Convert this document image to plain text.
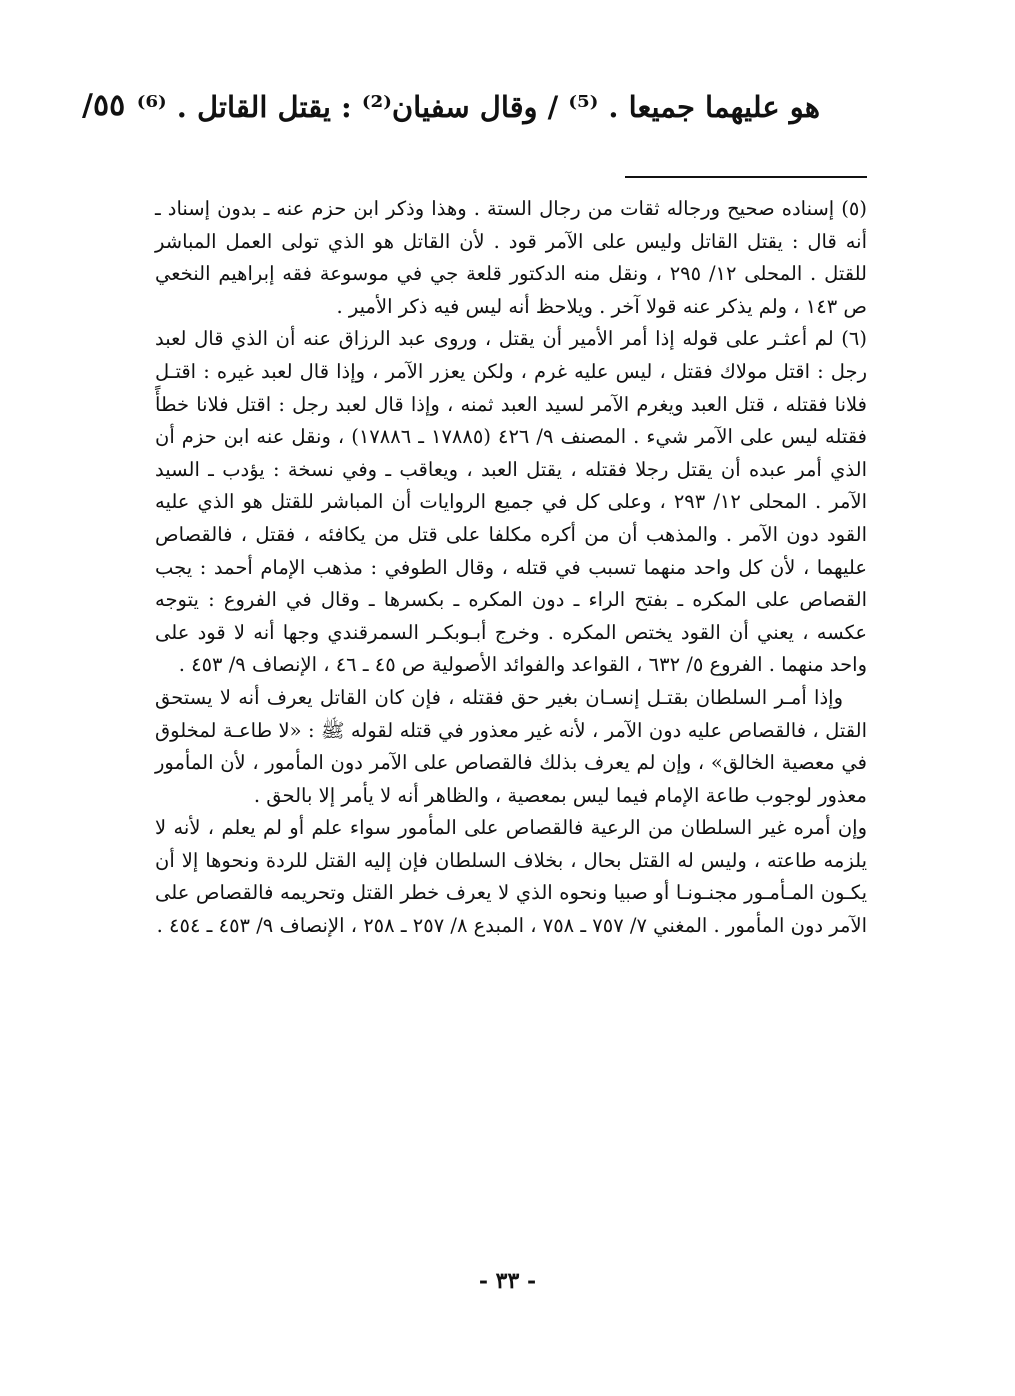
/٥٥ هو عليهما جميعا . ⁽⁵⁾ / وقال سفيان⁽²⁾ : يقتل القاتل . ⁽⁶⁾

(٥) إسناده صحيح ورجاله ثقات من رجال الستة . وهذا وذكر ابن حزم عنه ـ بدون إسناد ـ أنه قال : يقتل القاتل وليس على الآمر قود . لأن القاتل هو الذي تولى العمل المباشر للقتل . المحلى ١٢/ ٢٩٥ ، ونقل منه الدكتور قلعة جي في موسوعة فقه إبراهيم النخعي ص ١٤٣ ، ولم يذكر عنه قولا آخر . ويلاحظ أنه ليس فيه ذكر الأمير .

(٦) لم أعثـر على قوله إذا أمر الأمير أن يقتل ، وروى عبد الرزاق عنه أن الذي قال لعبد رجل : اقتل مولاك فقتل ، ليس عليه غرم ، ولكن يعزر الآمر ، وإذا قال لعبد غيره : اقتـل فلانا فقتله ، قتل العبد ويغرم الآمر لسيد العبد ثمنه ، وإذا قال لعبد رجل : اقتل فلانا خطأً فقتله ليس على الآمر شيء . المصنف ٩/ ٤٢٦ (١٧٨٨٥ ـ ١٧٨٨٦) ، ونقل عنه ابن حزم أن الذي أمر عبده أن يقتل رجلا فقتله ، يقتل العبد ، ويعاقب ـ وفي نسخة : يؤدب ـ السيد الآمر . المحلى ١٢/ ٢٩٣ ، وعلى كل في جميع الروايات أن المباشر للقتل هو الذي عليه القود دون الآمر . والمذهب أن من أكره مكلفا على قتل من يكافئه ، فقتل ، فالقصاص عليهما ، لأن كل واحد منهما تسبب في قتله ، وقال الطوفي : مذهب الإمام أحمد : يجب القصاص على المكره ـ بفتح الراء ـ دون المكره ـ بكسرها ـ وقال في الفروع : يتوجه عكسه ، يعني أن القود يختص المكره . وخرج أبـوبكـر السمرقندي وجها أنه لا قود على واحد منهما . الفروع ٥/ ٦٣٢ ، القواعد والفوائد الأصولية ص ٤٥ ـ ٤٦ ، الإنصاف ٩/ ٤٥٣ .

وإذا أمـر السلطان بقتـل إنسـان بغير حق فقتله ، فإن كان القاتل يعرف أنه لا يستحق القتل ، فالقصاص عليه دون الآمر ، لأنه غير معذور في قتله لقوله ﷺ : «لا طاعـة لمخلوق في معصية الخالق» ، وإن لم يعرف بذلك فالقصاص على الآمر دون المأمور ، لأن المأمور معذور لوجوب طاعة الإمام فيما ليس بمعصية ، والظاهر أنه لا يأمر إلا بالحق .

وإن أمره غير السلطان من الرعية فالقصاص على المأمور سواء علم أو لم يعلم ، لأنه لا يلزمه طاعته ، وليس له القتل بحال ، بخلاف السلطان فإن إليه القتل للردة ونحوها إلا أن يكـون المـأمـور مجنـونـا أو صبيا ونحوه الذي لا يعرف خطر القتل وتحريمه فالقصاص على الآمر دون المأمور . المغني ٧/ ٧٥٧ ـ ٧٥٨ ، المبدع ٨/ ٢٥٧ ـ ٢٥٨ ، الإنصاف ٩/ ٤٥٣ ـ ٤٥٤ .

- ٣٣ -
